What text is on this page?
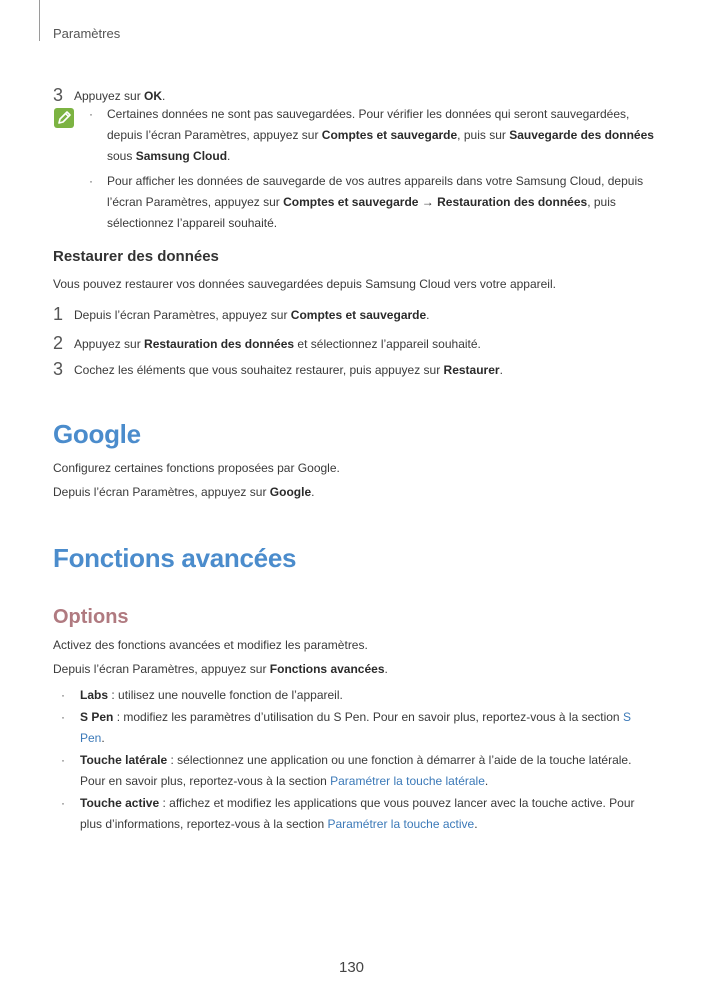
Paramètres
3 Appuyez sur OK.
· Certaines données ne sont pas sauvegardées. Pour vérifier les données qui seront sauvegardées, depuis l’écran Paramètres, appuyez sur Comptes et sauvegarde, puis sur Sauvegarde des données sous Samsung Cloud.
· Pour afficher les données de sauvegarde de vos autres appareils dans votre Samsung Cloud, depuis l’écran Paramètres, appuyez sur Comptes et sauvegarde → Restauration des données, puis sélectionnez l’appareil souhaité.
Restaurer des données
Vous pouvez restaurer vos données sauvegardées depuis Samsung Cloud vers votre appareil.
1 Depuis l’écran Paramètres, appuyez sur Comptes et sauvegarde.
2 Appuyez sur Restauration des données et sélectionnez l’appareil souhaité.
3 Cochez les éléments que vous souhaitez restaurer, puis appuyez sur Restaurer.
Google
Configurez certaines fonctions proposées par Google.
Depuis l’écran Paramètres, appuyez sur Google.
Fonctions avancées
Options
Activez des fonctions avancées et modifiez les paramètres.
Depuis l’écran Paramètres, appuyez sur Fonctions avancées.
· Labs : utilisez une nouvelle fonction de l’appareil.
· S Pen : modifiez les paramètres d’utilisation du S Pen. Pour en savoir plus, reportez-vous à la section S Pen.
· Touche latérale : sélectionnez une application ou une fonction à démarrer à l’aide de la touche latérale. Pour en savoir plus, reportez-vous à la section Paramétrer la touche latérale.
· Touche active : affichez et modifiez les applications que vous pouvez lancer avec la touche active. Pour plus d’informations, reportez-vous à la section Paramétrer la touche active.
130
